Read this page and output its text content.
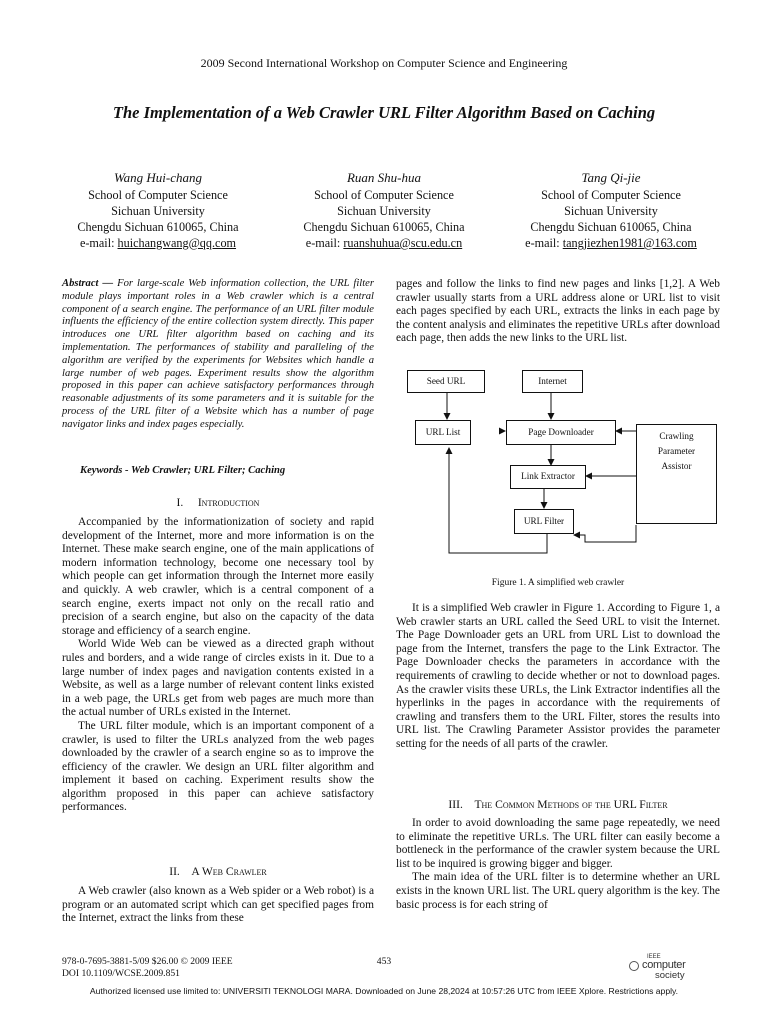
2009 Second International Workshop on Computer Science and Engineering
The Implementation of a Web Crawler URL Filter Algorithm Based on Caching
Wang Hui-chang
School of Computer Science
Sichuan University
Chengdu Sichuan 610065, China
e-mail: huichangwang@qq.com
Ruan Shu-hua
School of Computer Science
Sichuan University
Chengdu Sichuan 610065, China
e-mail: ruanshuhua@scu.edu.cn
Tang Qi-jie
School of Computer Science
Sichuan University
Chengdu Sichuan 610065, China
e-mail: tangjiezhen1981@163.com
Abstract — For large-scale Web information collection, the URL filter module plays important roles in a Web crawler which is a central component of a search engine. The performance of an URL filter module influents the efficiency of the entire collection system directly. This paper introduces one URL filter algorithm based on caching and its implementation. The performances of stability and paralleling of the algorithm are verified by the experiments for Websites which handle a large number of web pages. Experiment results show the algorithm proposed in this paper can achieve satisfactory performances through reasonable adjustments of its some parameters and it is suitable for the process of the URL filter of a Website which has a number of page navigator links and index pages especially.
Keywords - Web Crawler; URL Filter; Caching
I. Introduction

Accompanied by the informationization of society and rapid development of the Internet, more and more information is on the Internet. These make search engine, one of the main applications of modern information technology, become one necessary tool by which people can get information through the Internet more easily and quickly. A web crawler, which is a central component of a search engine, exerts impact not only on the recall ratio and precision of a search engine, but also on the capacity of the data storage and efficiency of a search engine.

World Wide Web can be viewed as a directed graph without rules and borders, and a wide range of circles exists in it. Due to a large number of index pages and navigation contents existed in a Website, as well as a large number of relevant content links existed in a web page, the URLs get from web pages are much more than the actual number of URLs existed in the Internet.

The URL filter module, which is an important component of a crawler, is used to filter the URLs analyzed from the web pages downloaded by the crawler of a search engine so as to improve the efficiency of the crawler. We design an URL filter algorithm and implement it based on caching. Experiment results show the algorithm proposed in this paper can achieve satisfactory performances.

II. A Web Crawler

A Web crawler (also known as a Web spider or a Web robot) is a program or an automated script which can get specified pages from the Internet, extract the links from these

pages and follow the links to find new pages and links [1,2]. A Web crawler usually starts from a URL address alone or URL list to visit each pages specified by each URL, extracts the links in each page by the content analysis and eliminates the repetitive URLs after download each page, then adds the new links to the URL list.

Seed URL	Internet
URL List	Page Downloader
Link Extractor
URL Filter
Crawling
Parameter
Assistor
Figure 1. A simplified web crawler

It is a simplified Web crawler in Figure 1. According to Figure 1, a Web crawler starts an URL called the Seed URL to visit the Internet. The Page Downloader gets an URL from URL List to download the page from the Internet, transfers the page to the Link Extractor. The Page Downloader checks the parameters in accordance with the requirements of crawling to decide whether or not to download pages. As the crawler visits these URLs, the Link Extractor indentifies all the hyperlinks in the pages in accordance with the requirements of crawling and transfers them to the URL Filter, stores the results into URL list. The Crawling Parameter Assistor provides the parameter setting for the needs of all parts of the crawler.

III. The Common Methods of the URL Filter

In order to avoid downloading the same page repeatedly, we need to eliminate the repetitive URLs. The URL filter can easily become a bottleneck in the performance of the crawler system because the URL list to be inquired is growing bigger and bigger.

The main idea of the URL filter is to determine whether an URL exists in the known URL list. The URL query algorithm is the key. The basic process is for each string of

978-0-7695-3881-5/09 $26.00 © 2009 IEEE
DOI 10.1109/WCSE.2009.851
453	IEEE
computer
society
Authorized licensed use limited to: UNIVERSITI TEKNOLOGI MARA. Downloaded on June 28,2024 at 10:57:26 UTC from IEEE Xplore. Restrictions apply.
